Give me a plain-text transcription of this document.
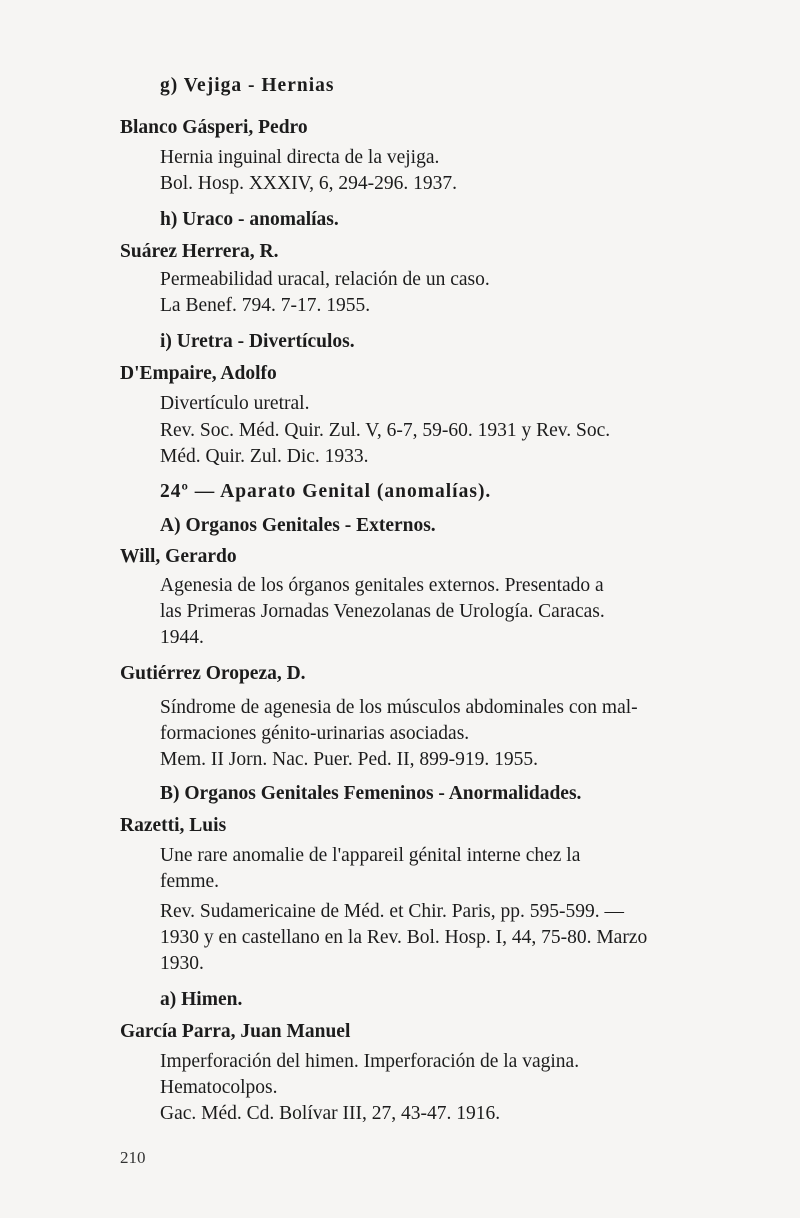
g) Vejiga - Hernias
Blanco Gásperi, Pedro
Hernia inguinal directa de la vejiga.
Bol. Hosp. XXXIV, 6, 294-296. 1937.
h) Uraco - anomalías.
Suárez Herrera, R.
Permeabilidad uracal, relación de un caso.
La Benef. 794. 7-17. 1955.
i) Uretra - Divertículos.
D'Empaire, Adolfo
Divertículo uretral.
Rev. Soc. Méd. Quir. Zul. V, 6-7, 59-60. 1931 y Rev. Soc.
Méd. Quir. Zul. Dic. 1933.
24º — Aparato Genital (anomalías).
A) Organos Genitales - Externos.
Will, Gerardo
Agenesia de los órganos genitales externos. Presentado a
las Primeras Jornadas Venezolanas de Urología. Caracas.
1944.
Gutiérrez Oropeza, D.
Síndrome de agenesia de los músculos abdominales con mal-
formaciones génito-urinarias asociadas.
Mem. II Jorn. Nac. Puer. Ped. II, 899-919. 1955.
B) Organos Genitales Femeninos - Anormalidades.
Razetti, Luis
Une rare anomalie de l'appareil génital interne chez la
femme.
Rev. Sudamericaine de Méd. et Chir. Paris, pp. 595-599. —
1930 y en castellano en la Rev. Bol. Hosp. I, 44, 75-80. Marzo
1930.
a) Himen.
García Parra, Juan Manuel
Imperforación del himen. Imperforación de la vagina.
Hematocolpos.
Gac. Méd. Cd. Bolívar III, 27, 43-47. 1916.
210
